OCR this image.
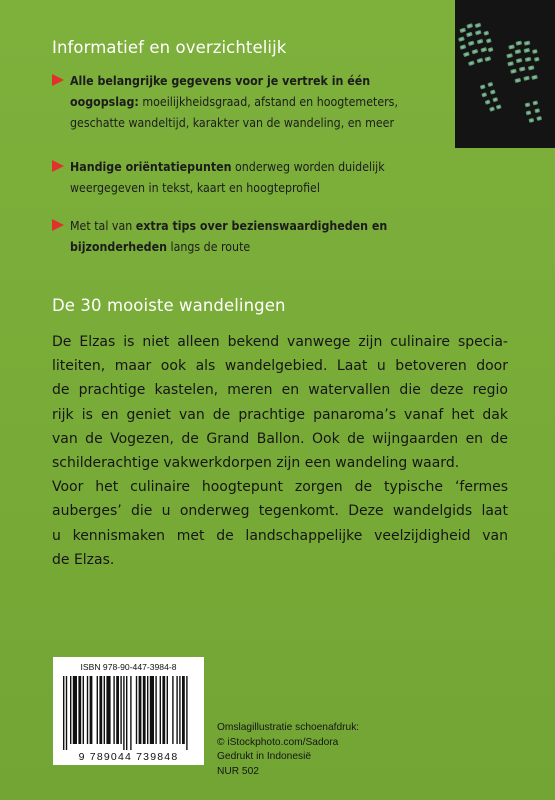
Informatief en overzichtelijk
Alle belangrijke gegevens voor je vertrek in één
oogopslag: moeilijkheidsgraad, afstand en hoogtemeters,
geschatte wandeltijd, karakter van de wandeling, en meer
Handige oriëntatiepunten onderweg worden duidelijk
weergegeven in tekst, kaart en hoogteprofiel
Met tal van extra tips over bezienswaardigheden en
bijzonderheden langs de route
De 30 mooiste wandelingen
De Elzas is niet alleen bekend vanwege zijn culinaire specia-
liteiten, maar ook als wandelgebied. Laat u betoveren door
de prachtige kastelen, meren en watervallen die deze regio
rijk is en geniet van de prachtige panaroma’s vanaf het dak
van de Vogezen, de Grand Ballon. Ook de wijngaarden en de
schilderachtige vakwerkdorpen zijn een wandeling waard.
Voor het culinaire hoogtepunt zorgen de typische ‘fermes
auberges’ die u onderweg tegenkomt. Deze wandelgids laat
u kennismaken met de landschappelijke veelzijdigheid van
de Elzas.
ISBN 978-90-447-3984-8
9 789044 739848
Omslagillustratie schoenafdruk:
© iStockphoto.com/Sadora
Gedrukt in Indonesië
NUR 502
